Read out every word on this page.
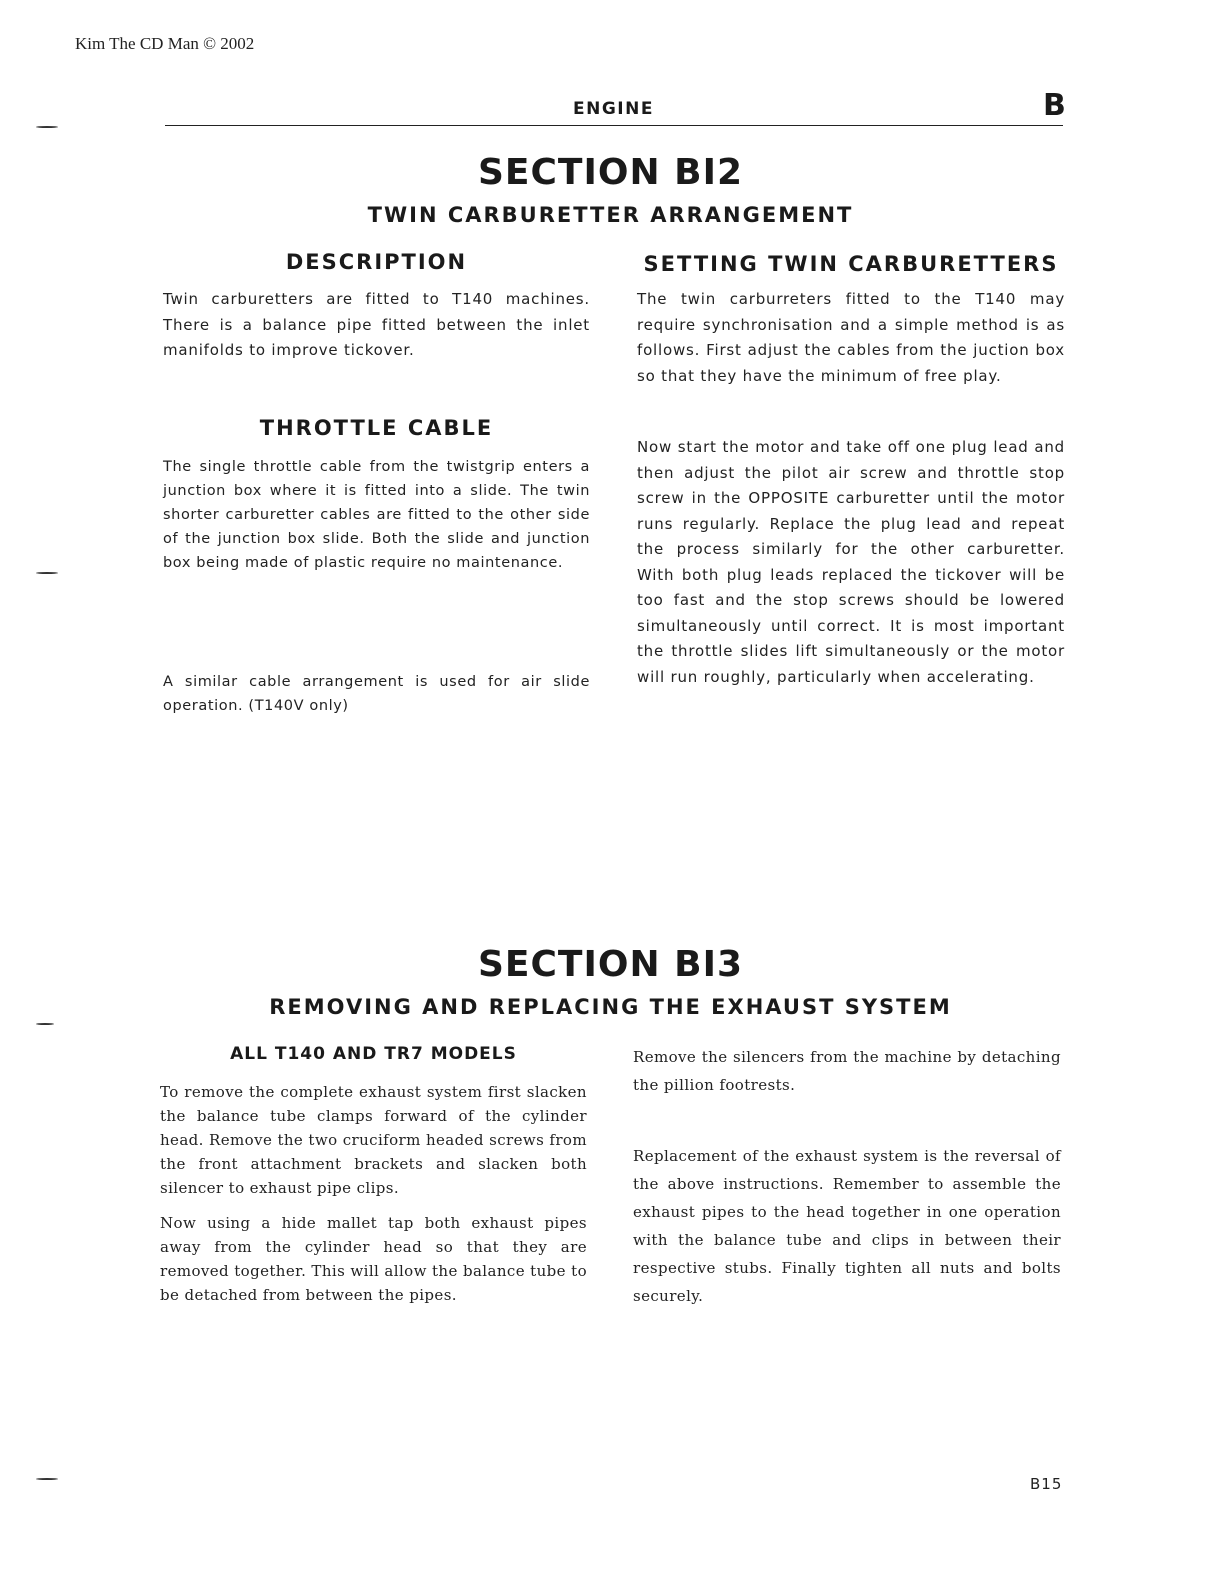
Kim The CD Man © 2002
ENGINE	B
SECTION BI2
TWIN CARBURETTER ARRANGEMENT
DESCRIPTION

Twin carburetters are fitted to T140 machines. There is a balance pipe fitted between the inlet manifolds to improve tickover.

THROTTLE CABLE

The single throttle cable from the twistgrip enters a junction box where it is fitted into a slide. The twin shorter carburetter cables are fitted to the other side of the junction box slide. Both the slide and junction box being made of plastic require no maintenance.

A similar cable arrangement is used for air slide operation. (T140V only)

SETTING TWIN CARBURETTERS

The twin carburreters fitted to the T140 may require synchronisation and a simple method is as follows. First adjust the cables from the juction box so that they have the minimum of free play.

Now start the motor and take off one plug lead and then adjust the pilot air screw and throttle stop screw in the OPPOSITE carburetter until the motor runs regularly. Replace the plug lead and repeat the process similarly for the other carburetter. With both plug leads replaced the tickover will be too fast and the stop screws should be lowered simultaneously until correct. It is most important the throttle slides lift simultaneously or the motor will run roughly, particularly when accelerating.

SECTION BI3
REMOVING AND REPLACING THE EXHAUST SYSTEM
ALL T140 AND TR7 MODELS

To remove the complete exhaust system first slacken the balance tube clamps forward of the cylinder head. Remove the two cruciform headed screws from the front attachment brackets and slacken both silencer to exhaust pipe clips.

Now using a hide mallet tap both exhaust pipes away from the cylinder head so that they are removed together. This will allow the balance tube to be detached from between the pipes.

Remove the silencers from the machine by detaching the pillion footrests.

Replacement of the exhaust system is the reversal of the above instructions. Remember to assemble the exhaust pipes to the head together in one operation with the balance tube and clips in between their respective stubs. Finally tighten all nuts and bolts securely.

B15
